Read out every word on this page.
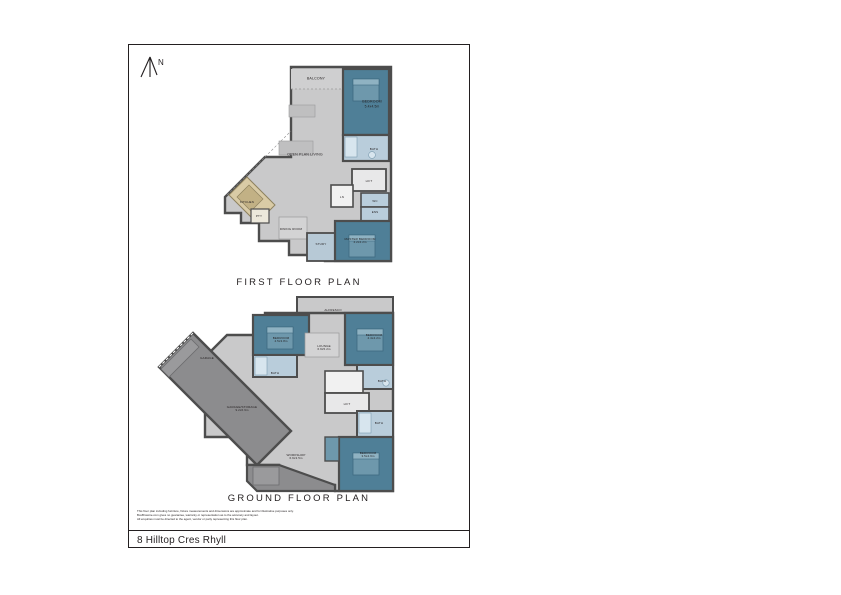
N
BALCONY
BEDROOM
5.4x4.5m
BATH
OPEN PLAN LIVING
LIFT
KITCHEN
LN
WC
ENS
PTY
DINING ROOM
STUDY
MASTER BEDROOM
4.2x4.2m
FIRST FLOOR PLAN
ALFRESCO
BEDROOM
4.4x4.2m
BEDROOM
4.5x3.8m
LOUNGE
6.9x5.2m
GARAGE
BATH
BATH
LIFT
GARAGE/STORAGE
9.2x6.9m
BATH
WORKSHOP
6.9x3.5m
BEDROOM
3.5x4.6m
GROUND FLOOR PLAN
This floor plan including furniture, fixture measurements and dimensions are approximate and for illustrative purposes only.
BoxBrownie.com gives no guarantee, warranty or representation as to the accuracy and layout.
All enquiries must be directed to the agent, vendor or party representing this floor plan.
8 Hilltop Cres Rhyll
